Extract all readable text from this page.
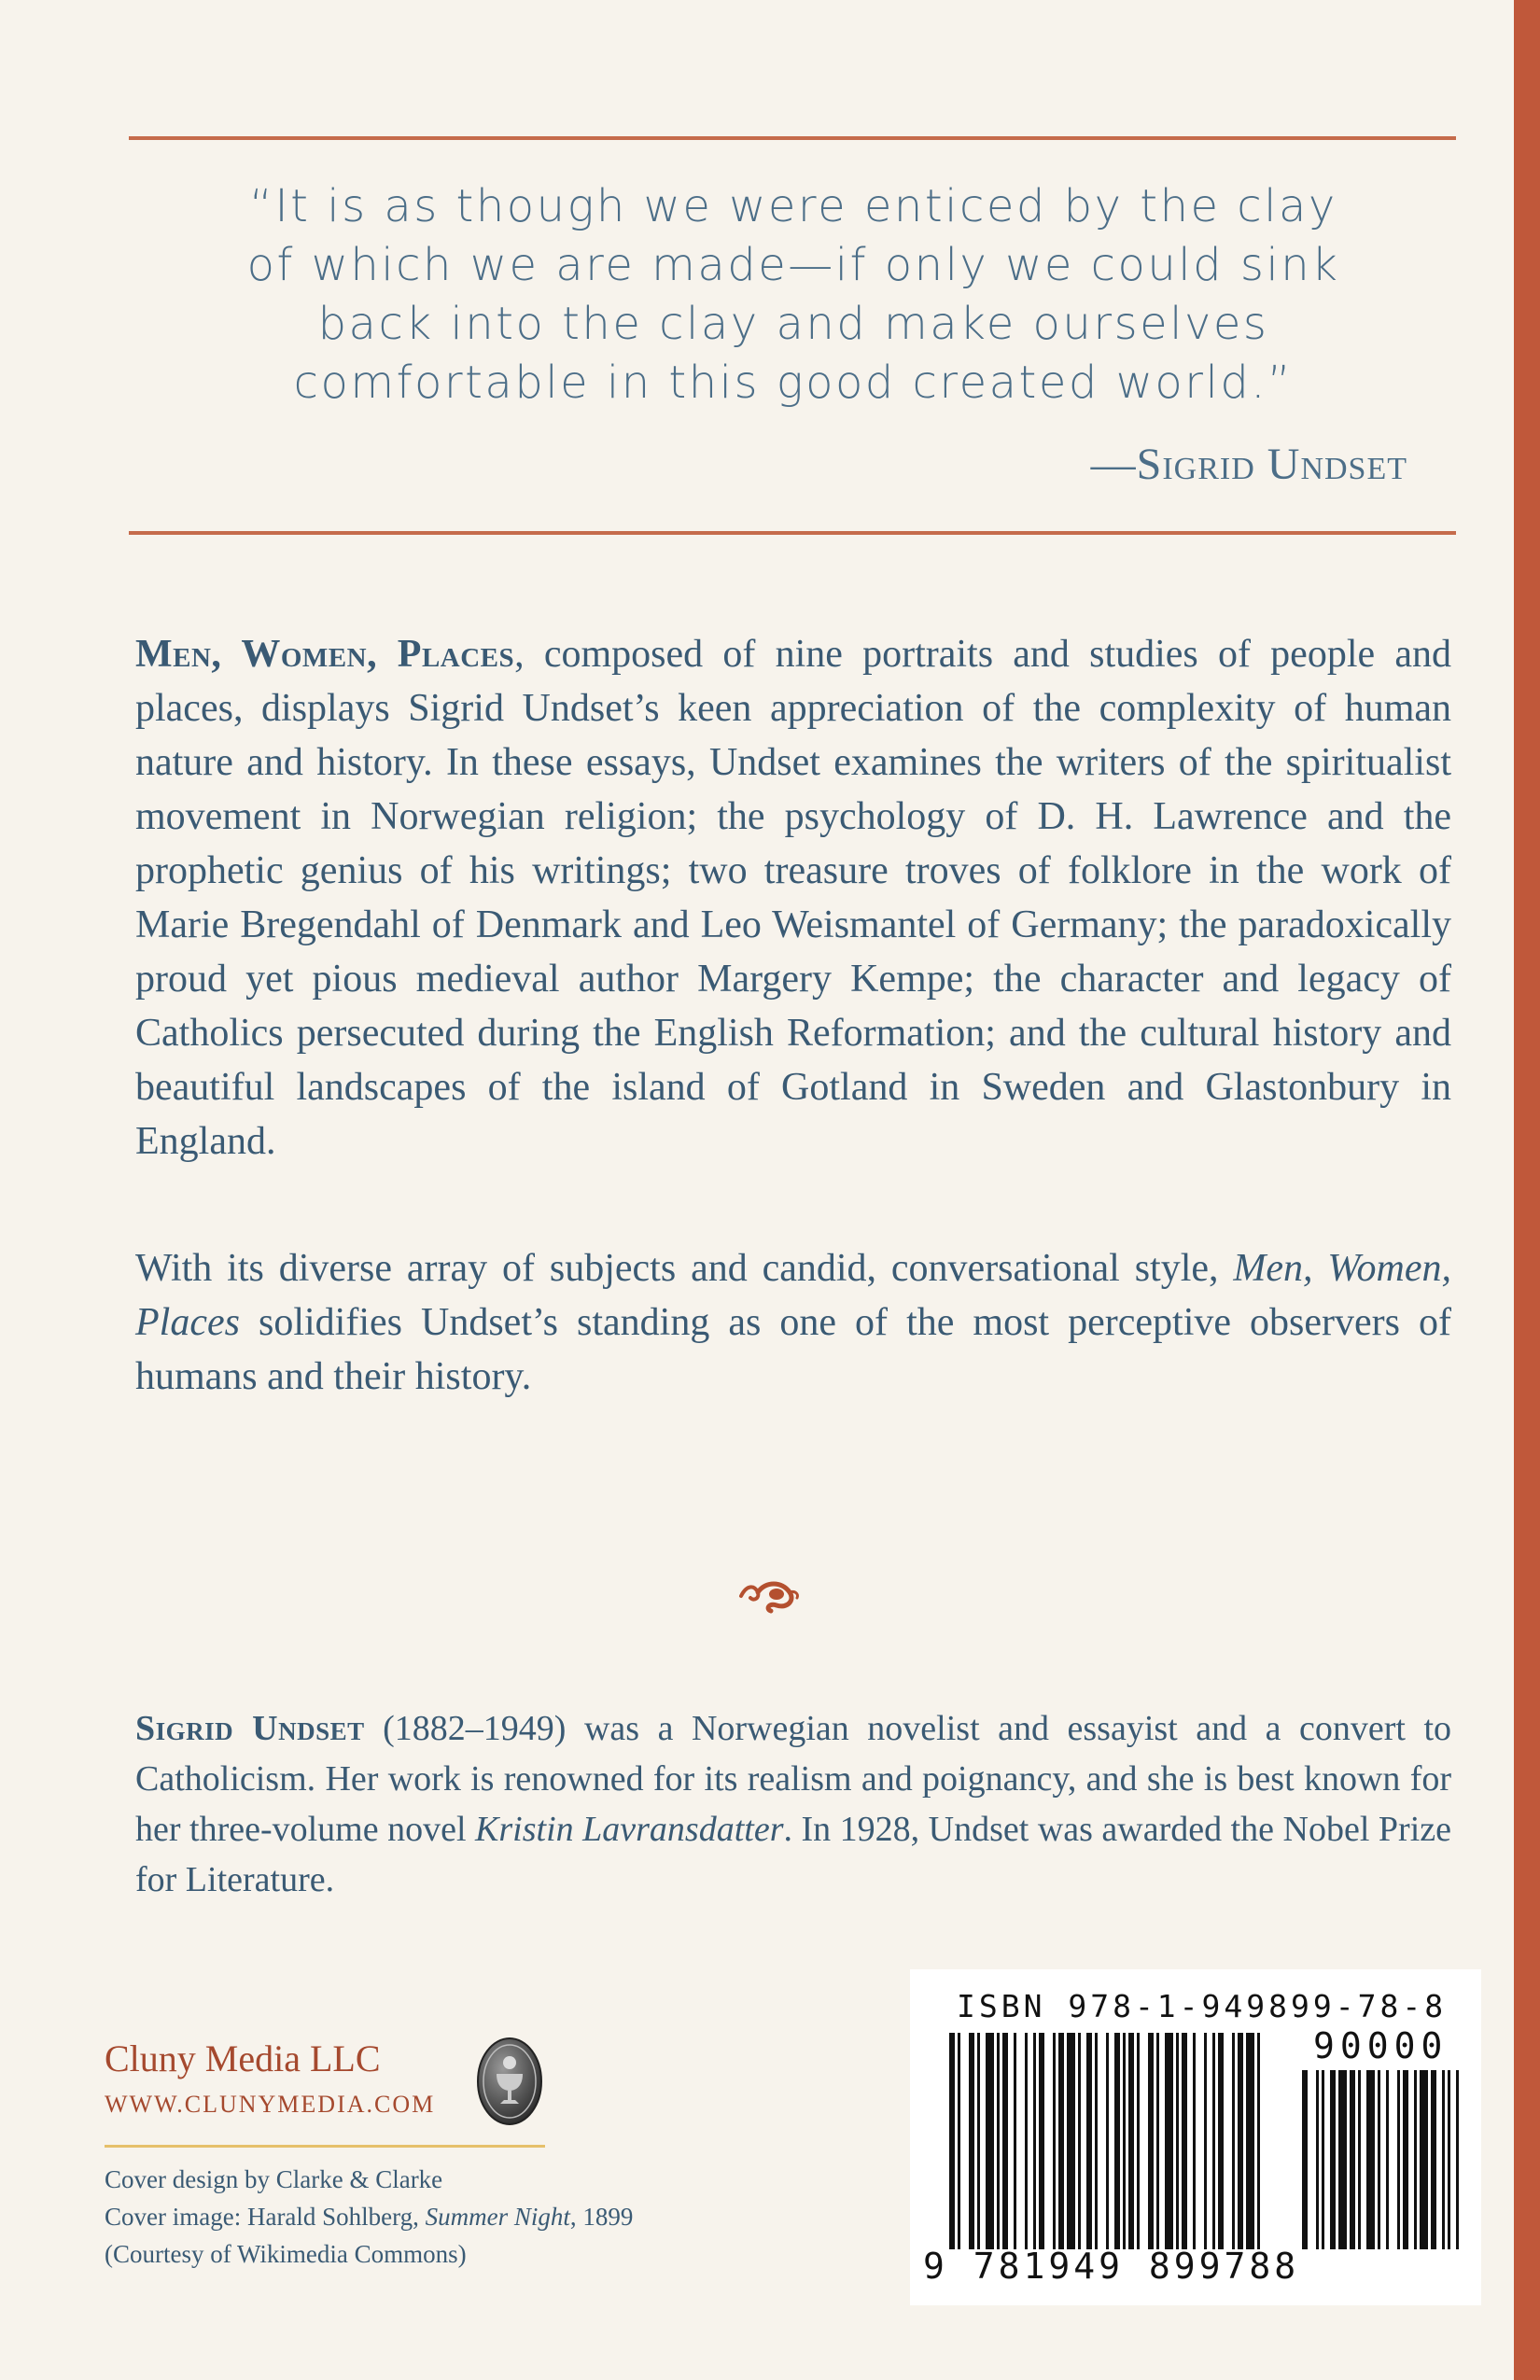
“It is as though we were enticed by the clay
of which we are made—if only we could sink
back into the clay and make ourselves
comfortable in this good created world.”

—Sigrid Undset

Men, Women, Places, composed of nine portraits and studies of people and places, displays Sigrid Undset’s keen appreciation of the complexity of human nature and history. In these essays, Undset examines the writers of the spiritualist movement in Norwegian religion; the psychology of D. H. Lawrence and the prophetic genius of his writings; two treasure troves of folklore in the work of Marie Bregendahl of Denmark and Leo Weismantel of Germany; the paradoxically proud yet pious medieval author Margery Kempe; the character and legacy of Catholics persecuted during the English Reformation; and the cultural history and beautiful landscapes of the island of Gotland in Sweden and Glastonbury in England.

With its diverse array of subjects and candid, conversational style, Men, Women, Places solidifies Undset’s standing as one of the most perceptive observers of humans and their history.

Sigrid Undset (1882–1949) was a Norwegian novelist and essayist and a convert to Catholicism. Her work is renowned for its realism and poignancy, and she is best known for her three-volume novel Kristin Lavransdatter. In 1928, Undset was awarded the Nobel Prize for Literature.

Cluny Media LLC

WWW.CLUNYMEDIA.COM

Cover design by Clarke & Clarke
Cover image: Harald Sohlberg, Summer Night, 1899
(Courtesy of Wikimedia Commons)

ISBN 978-1-949899-78-8

90000

9 781949 899788
